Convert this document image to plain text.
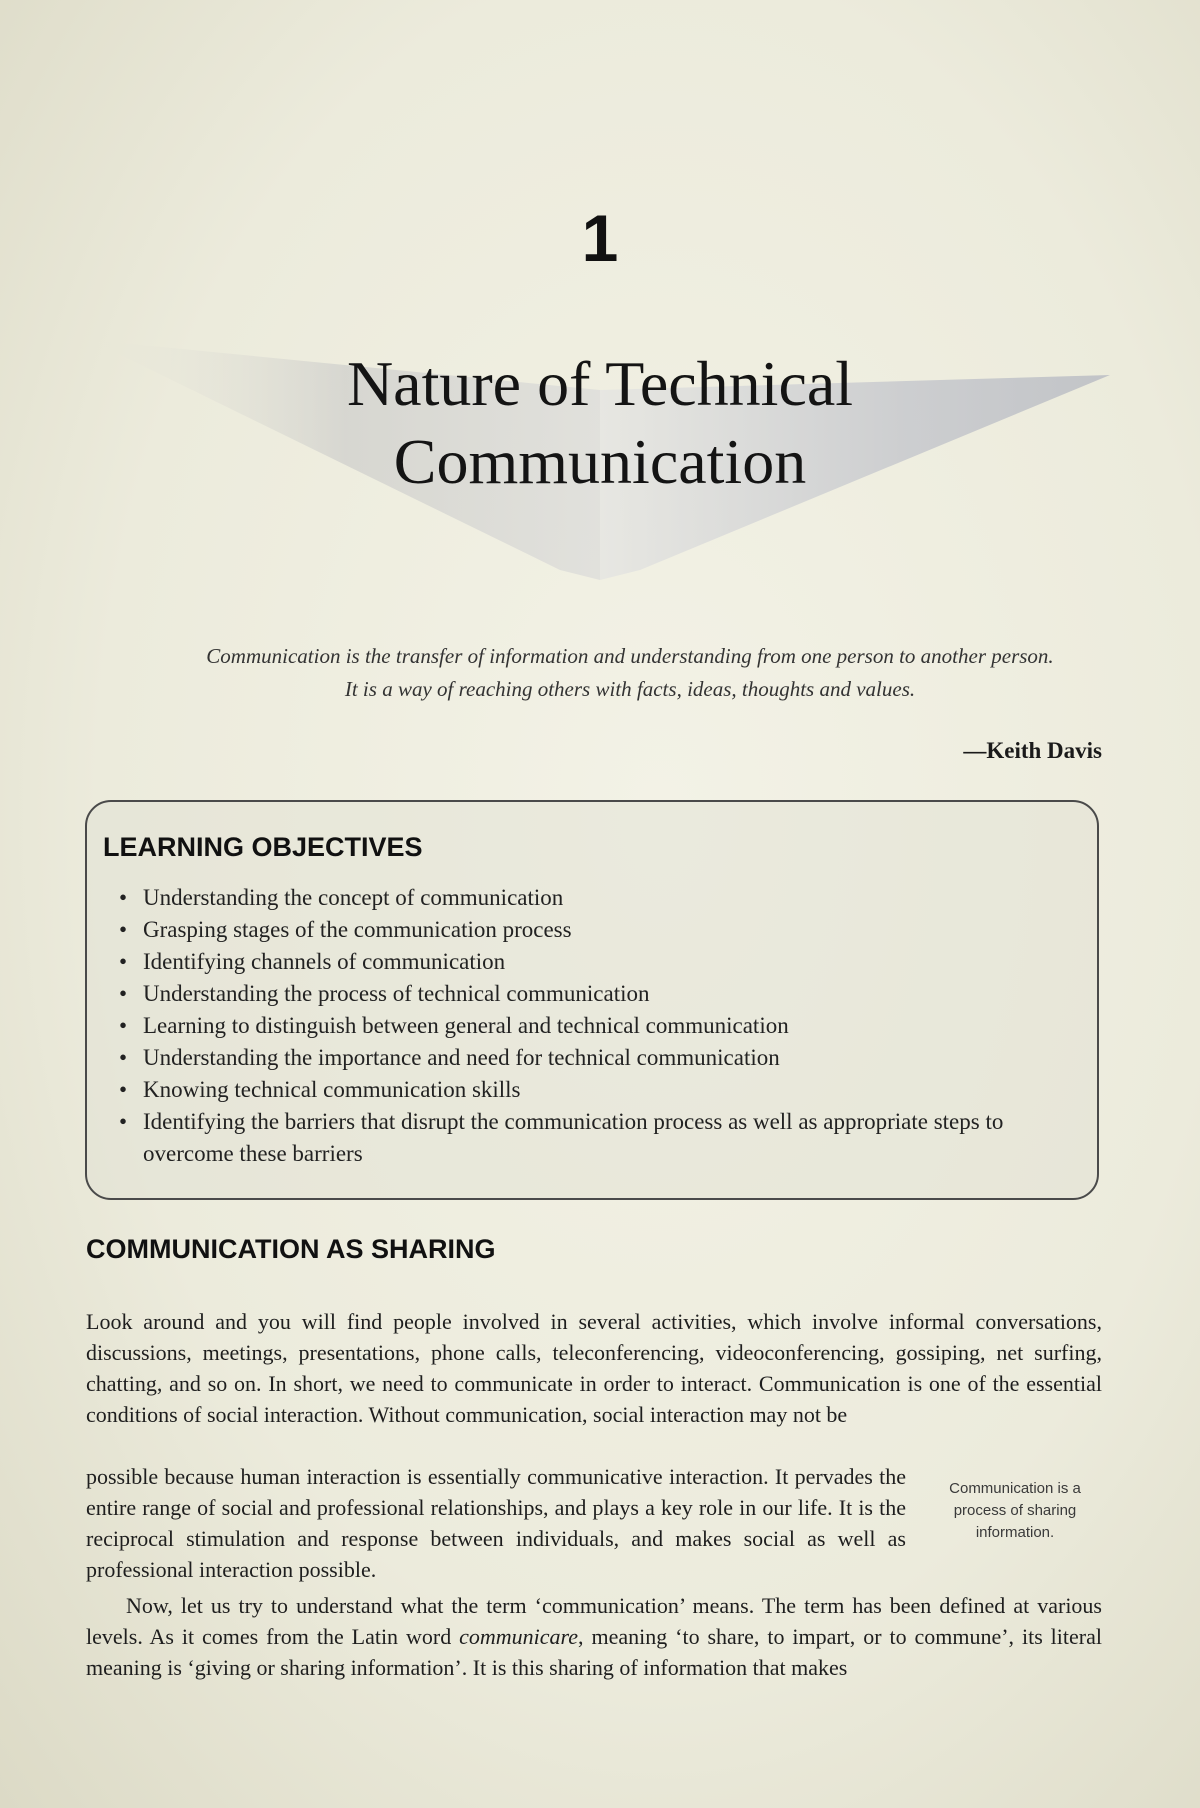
1
Nature of Technical
Communication
Communication is the transfer of information and understanding from one person to another person.
It is a way of reaching others with facts, ideas, thoughts and values.
—Keith Davis
LEARNING OBJECTIVES
• Understanding the concept of communication
• Grasping stages of the communication process
• Identifying channels of communication
• Understanding the process of technical communication
• Learning to distinguish between general and technical communication
• Understanding the importance and need for technical communication
• Knowing technical communication skills
• Identifying the barriers that disrupt the communication process as well as appropriate steps to overcome these barriers
COMMUNICATION AS SHARING

Look around and you will find people involved in several activities, which involve informal conversations, discussions, meetings, presentations, phone calls, teleconferencing, videoconferencing, gossiping, net surfing, chatting, and so on. In short, we need to communicate in order to interact. Communication is one of the essential conditions of social interaction. Without communication, social interaction may not be

possible because human interaction is essentially communicative interaction. It pervades the entire range of social and professional relationships, and plays a key role in our life. It is the reciprocal stimulation and response between individuals, and makes social as well as professional interaction possible.

Communication is a process of sharing information.

Now, let us try to understand what the term ‘communication’ means. The term has been defined at various levels. As it comes from the Latin word communicare, meaning ‘to share, to impart, or to commune’, its literal meaning is ‘giving or sharing information’. It is this sharing of information that makes
